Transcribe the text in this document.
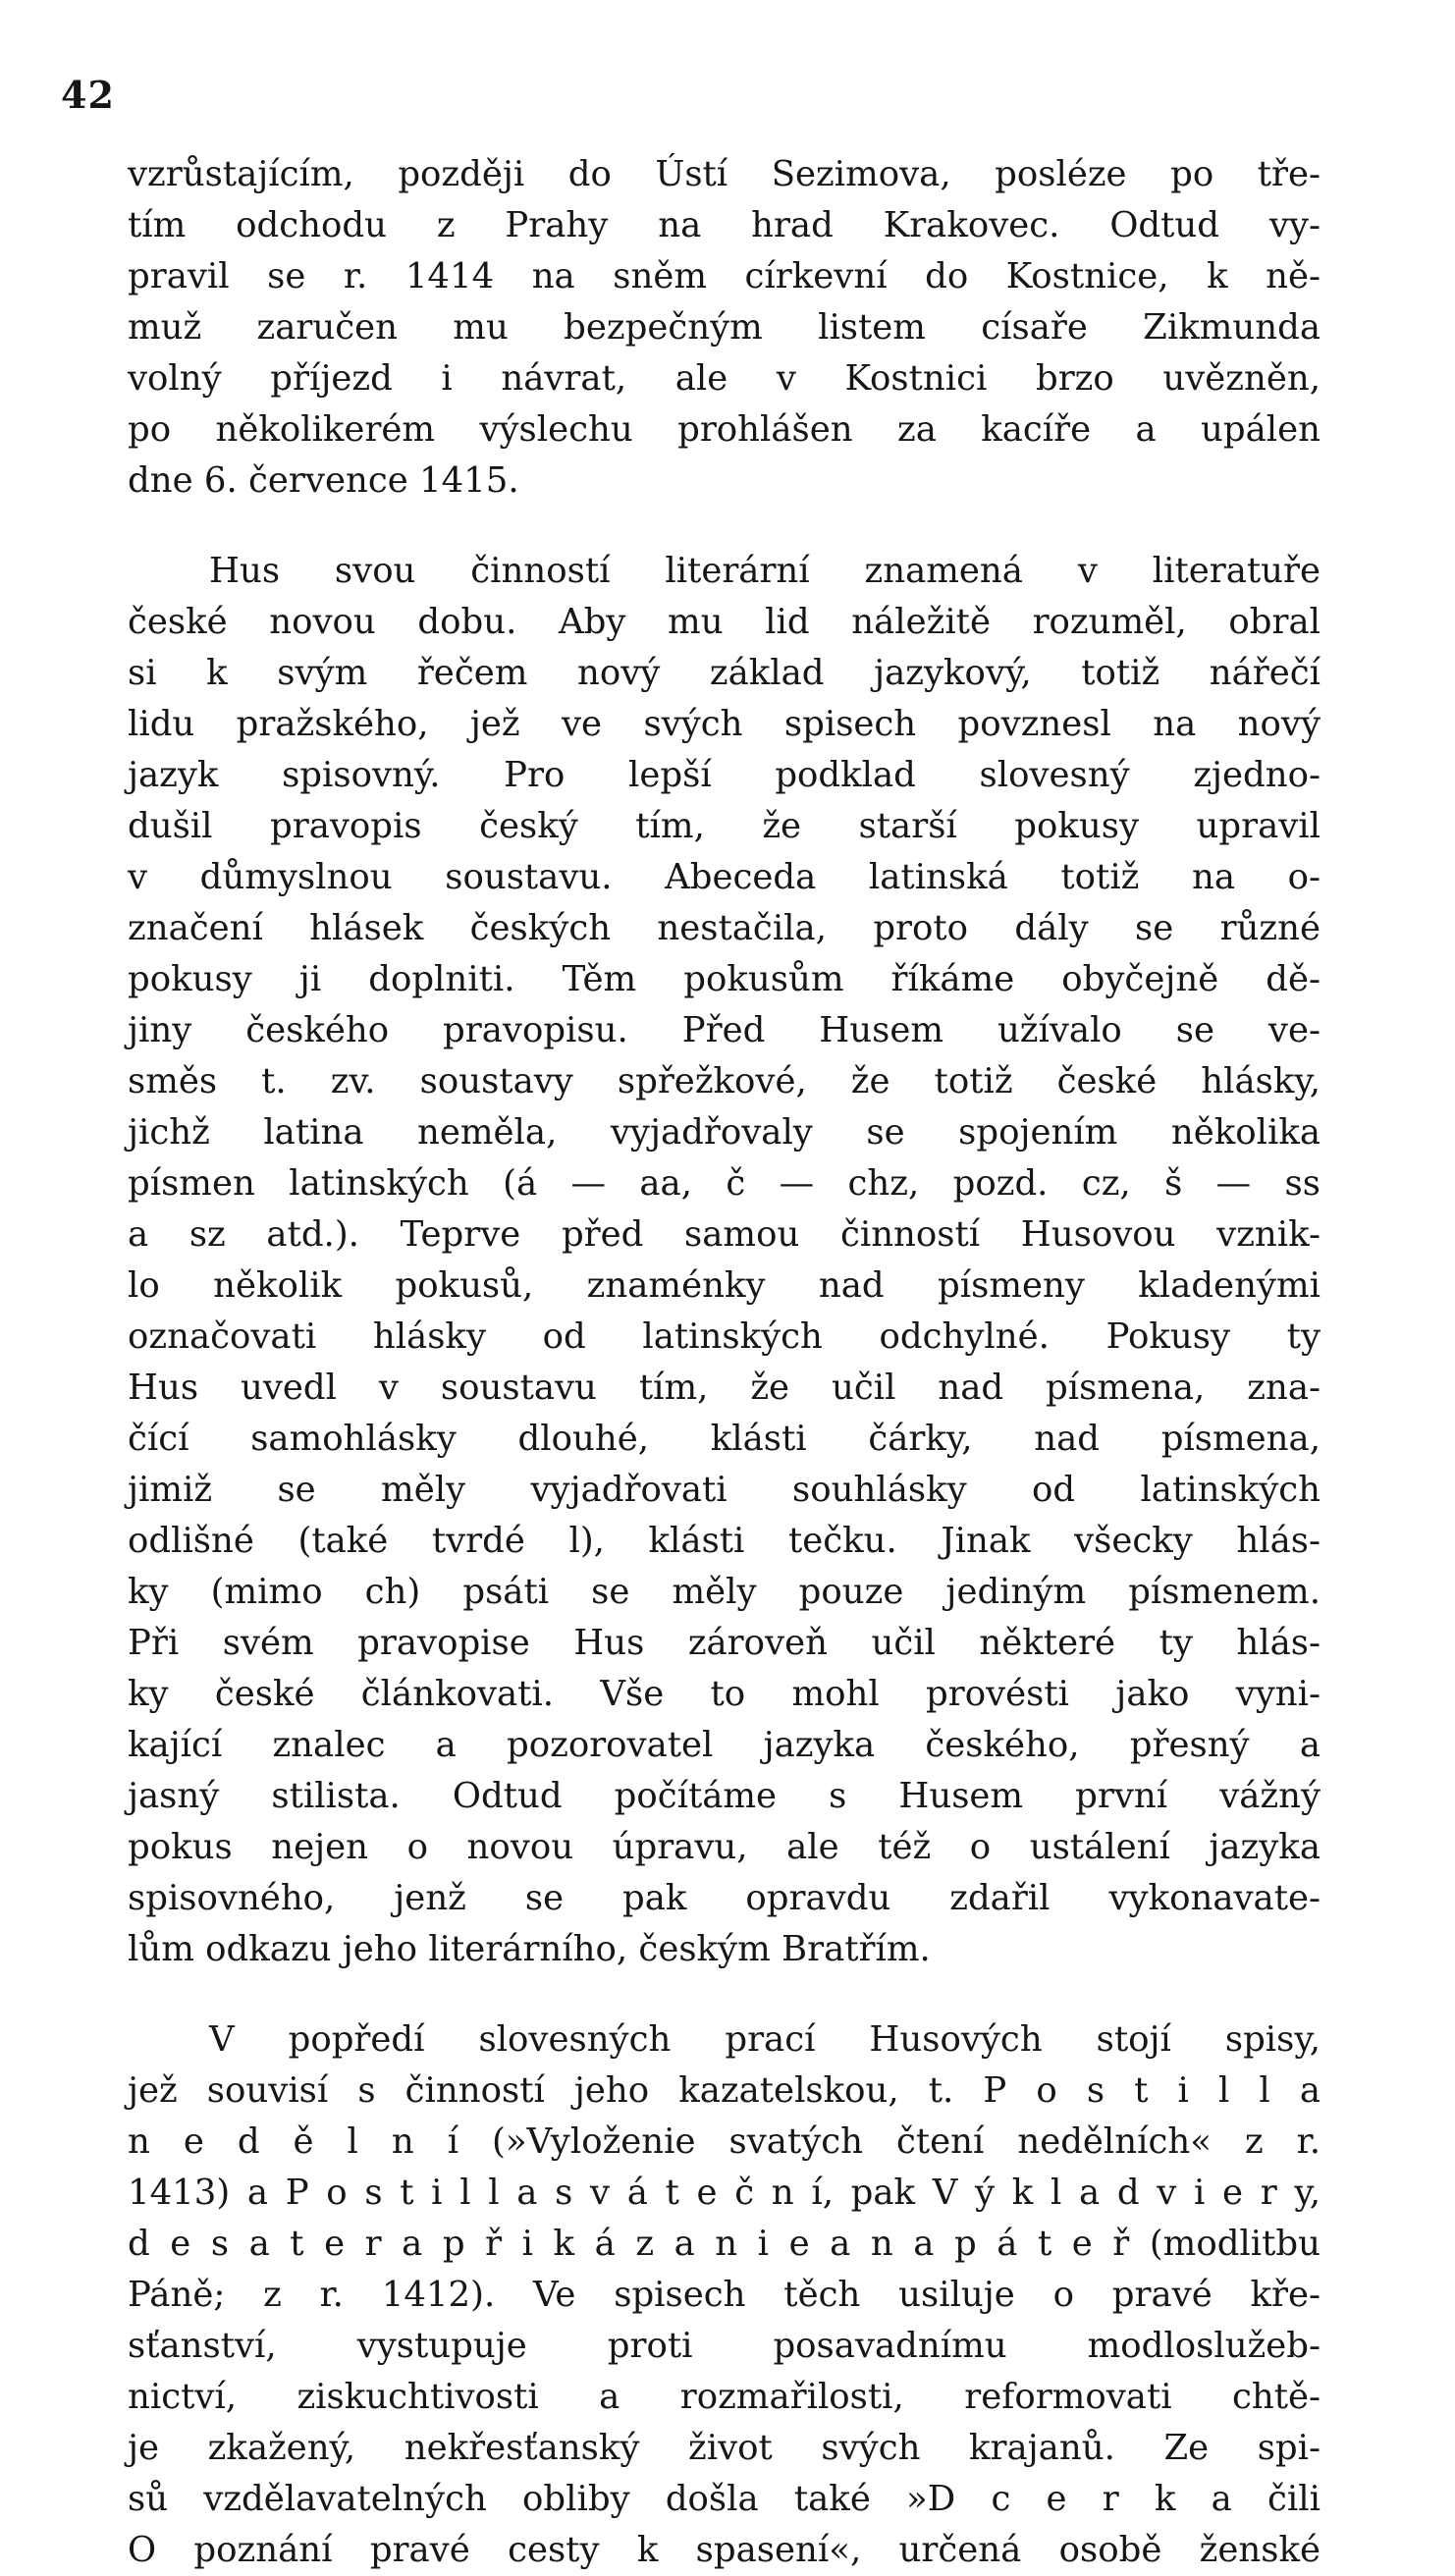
42
vzrůstajícím, později do Ústí Sezimova, posléze po tře-
tím odchodu z Prahy na hrad Krakovec. Odtud vy-
pravil se r. 1414 na sněm církevní do Kostnice, k ně-
muž zaručen mu bezpečným listem císaře Zikmunda
volný příjezd i návrat, ale v Kostnici brzo uvězněn,
po několikerém výslechu prohlášen za kacíře a upálen
dne 6. července 1415.
Hus svou činností literární znamená v literatuře
české novou dobu. Aby mu lid náležitě rozuměl, obral
si k svým řečem nový základ jazykový, totiž nářečí
lidu pražského, jež ve svých spisech povznesl na nový
jazyk spisovný. Pro lepší podklad slovesný zjedno-
dušil pravopis český tím, že starší pokusy upravil
v důmyslnou soustavu. Abeceda latinská totiž na o-
značení hlásek českých nestačila, proto dály se různé
pokusy ji doplniti. Těm pokusům říkáme obyčejně dě-
jiny českého pravopisu. Před Husem užívalo se ve-
směs t. zv. soustavy spřežkové, že totiž české hlásky,
jichž latina neměla, vyjadřovaly se spojením několika
písmen latinských (á — aa, č — chz, pozd. cz, š — ss
a sz atd.). Teprve před samou činností Husovou vznik-
lo několik pokusů, znaménky nad písmeny kladenými
označovati hlásky od latinských odchylné. Pokusy ty
Hus uvedl v soustavu tím, že učil nad písmena, zna-
čící samohlásky dlouhé, klásti čárky, nad písmena,
jimiž se měly vyjadřovati souhlásky od latinských
odlišné (také tvrdé l), klásti tečku. Jinak všecky hlás-
ky (mimo ch) psáti se měly pouze jediným písmenem.
Při svém pravopise Hus zároveň učil některé ty hlás-
ky české článkovati. Vše to mohl provésti jako vyni-
kající znalec a pozorovatel jazyka českého, přesný a
jasný stilista. Odtud počítáme s Husem první vážný
pokus nejen o novou úpravu, ale též o ustálení jazyka
spisovného, jenž se pak opravdu zdařil vykonavate-
lům odkazu jeho literárního, českým Bratřím.
V popředí slovesných prací Husových stojí spisy,
jež souvisí s činností jeho kazatelskou, t. P o s t i l l a
n e d ě l n í (»Vyloženie svatých čtení nedělních« z r.
1413) a P o s t i l l a s v á t e č n í, pak V ý k l a d v i e r y,
d e s a t e r a p ř i k á z a n i e a n a p á t e ř (modlitbu
Páně; z r. 1412). Ve spisech těch usiluje o pravé kře-
sťanství, vystupuje proti posavadnímu modloslužeb-
nictví, ziskuchtivosti a rozmařilosti, reformovati chtě-
je zkažený, nekřesťanský život svých krajanů. Ze spi-
sů vzdělavatelných obliby došla také »D c e r k a čili
O poznání pravé cesty k spasení«, určená osobě ženské
